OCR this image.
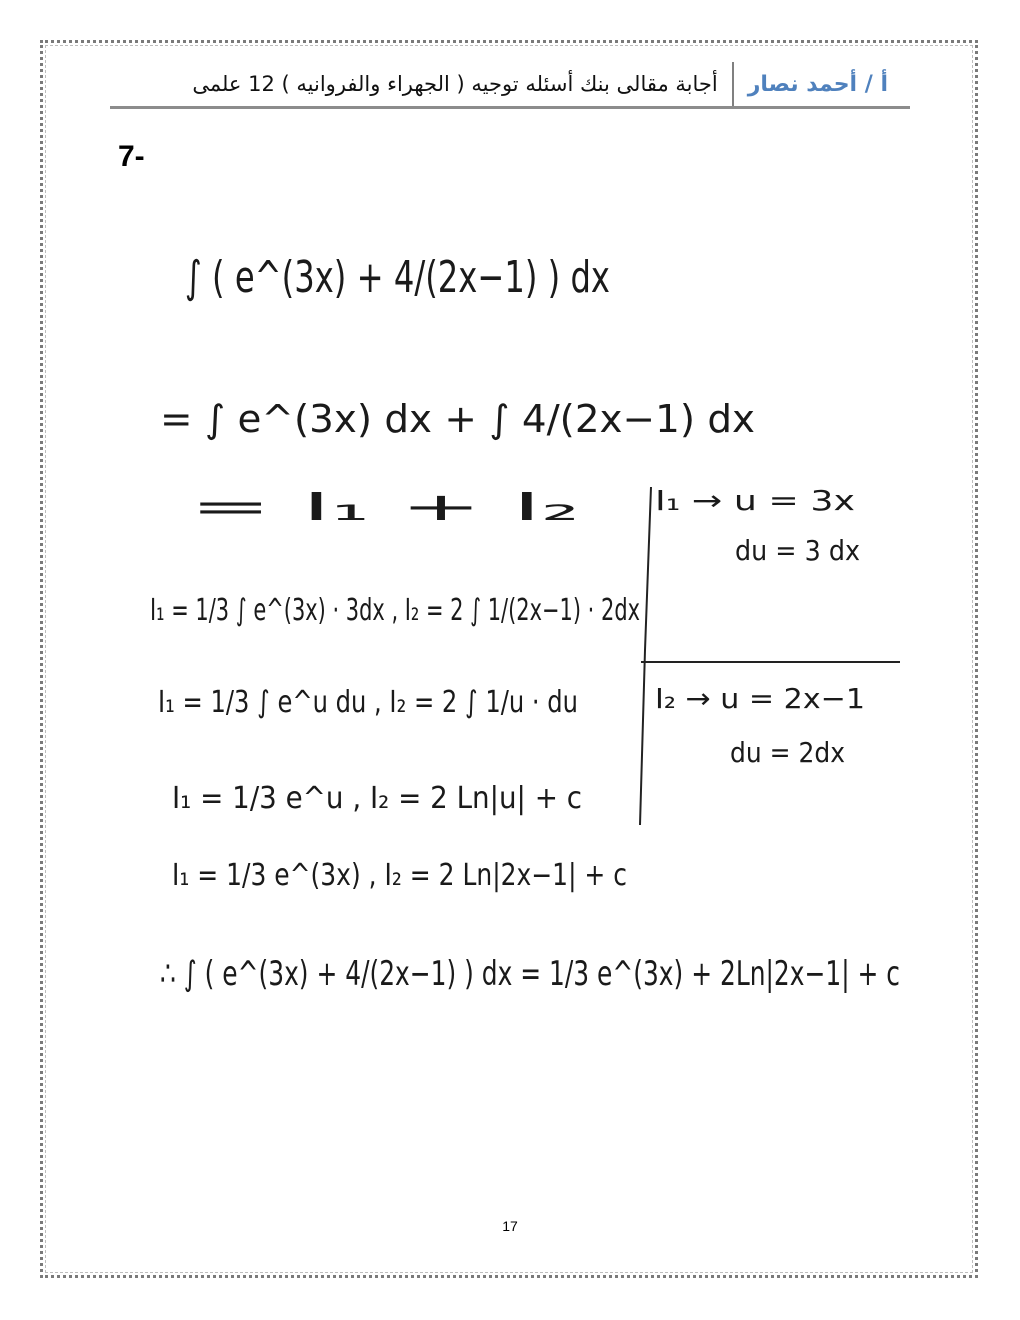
أ / أحمد نصار
أجابة مقالى بنك أسئله توجيه ( الجهراء والفروانيه ) 12 علمى
7-
∫ ( e^(3x) + 4/(2x−1) ) dx
= ∫ e^(3x) dx + ∫ 4/(2x−1) dx
= I₁ + I₂
I₁ = 1/3 ∫ e^(3x) · 3dx , I₂ = 2 ∫ 1/(2x−1) · 2dx
I₁ = 1/3 ∫ e^u du , I₂ = 2 ∫ 1/u · du
I₁ = 1/3 e^u , I₂ = 2 Ln|u| + c
I₁ = 1/3 e^(3x) , I₂ = 2 Ln|2x−1| + c
∴ ∫ ( e^(3x) + 4/(2x−1) ) dx = 1/3 e^(3x) + 2Ln|2x−1| + c
I₁ → u = 3x
du = 3 dx
I₂ → u = 2x−1
du = 2dx
17
